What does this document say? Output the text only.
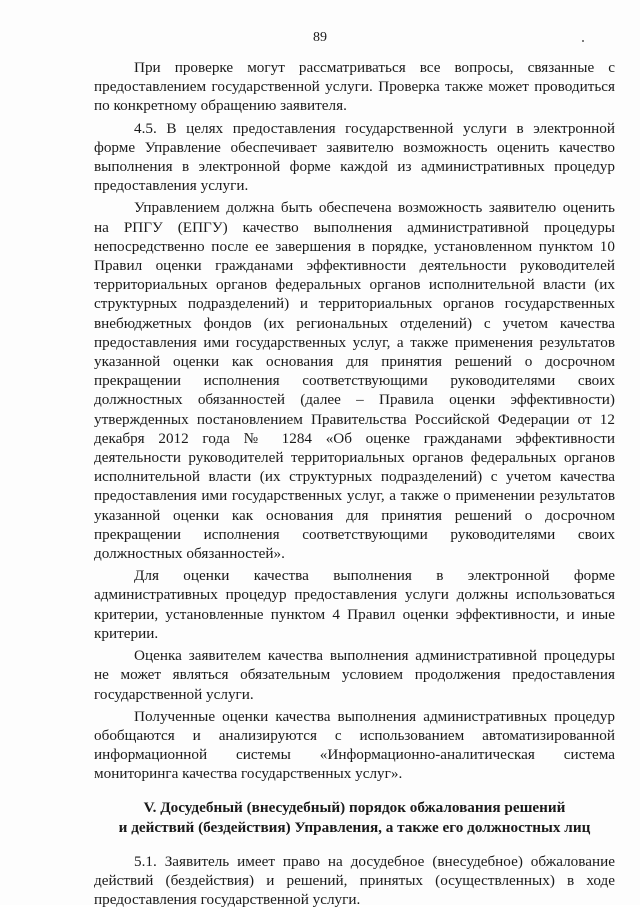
89

При проверке могут рассматриваться все вопросы, связанные с предоставлением государственной услуги. Проверка также может проводиться по конкретному обращению заявителя.

4.5. В целях предоставления государственной услуги в электронной форме Управление обеспечивает заявителю возможность оценить качество выполнения в электронной форме каждой из административных процедур предоставления услуги.

Управлением должна быть обеспечена возможность заявителю оценить на РПГУ (ЕПГУ) качество выполнения административной процедуры непосредственно после ее завершения в порядке, установленном пунктом 10 Правил оценки гражданами эффективности деятельности руководителей территориальных органов федеральных органов исполнительной власти (их структурных подразделений) и территориальных органов государственных внебюджетных фондов (их региональных отделений) с учетом качества предоставления ими государственных услуг, а также применения результатов указанной оценки как основания для принятия решений о досрочном прекращении исполнения соответствующими руководителями своих должностных обязанностей (далее – Правила оценки эффективности) утвержденных постановлением Правительства Российской Федерации от 12 декабря 2012 года № 1284 «Об оценке гражданами эффективности деятельности руководителей территориальных органов федеральных органов исполнительной власти (их структурных подразделений) с учетом качества предоставления ими государственных услуг, а также о применении результатов указанной оценки как основания для принятия решений о досрочном прекращении исполнения соответствующими руководителями своих должностных обязанностей».

Для оценки качества выполнения в электронной форме административных процедур предоставления услуги должны использоваться критерии, установленные пунктом 4 Правил оценки эффективности, и иные критерии.

Оценка заявителем качества выполнения административной процедуры не может являться обязательным условием продолжения предоставления государственной услуги.

Полученные оценки качества выполнения административных процедур обобщаются и анализируются с использованием автоматизированной информационной системы «Информационно-аналитическая система мониторинга качества государственных услуг».

V. Досудебный (внесудебный) порядок обжалования решений
и действий (бездействия) Управления, а также его должностных лиц

5.1. Заявитель имеет право на досудебное (внесудебное) обжалование действий (бездействия) и решений, принятых (осуществленных) в ходе предоставления государственной услуги.
